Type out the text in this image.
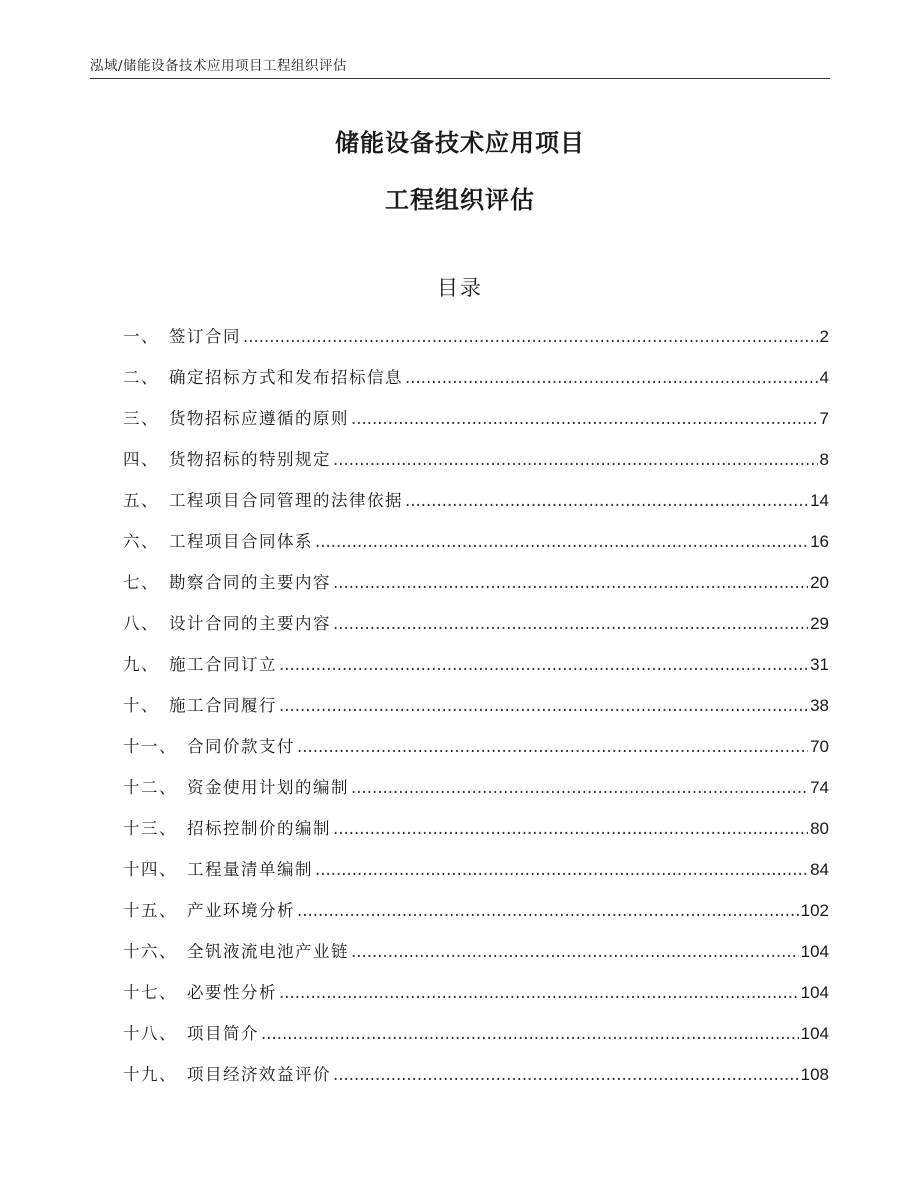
泓域/储能设备技术应用项目工程组织评估
储能设备技术应用项目
工程组织评估
目录
一 、 签订合同 .....	2
二 、 确定招标方式和发布招标信息 .....	4
三 、 货物招标应遵循的原则 .....	7
四 、 货物招标的特别规定 .....	8
五 、 工程项目合同管理的法律依据 .....	14
六 、 工程项目合同体系 .....	16
七 、 勘察合同的主要内容 .....	20
八 、 设计合同的主要内容 .....	29
九 、 施工合同订立 .....	31
十 、 施工合同履行 .....	38
十一 、 合同价款支付 .....	70
十二 、 资金使用计划的编制 .....	74
十三 、 招标控制价的编制 .....	80
十四 、 工程量清单编制 .....	84
十五 、 产业环境分析 .....	102
十六 、 全钒液流电池产业链 .....	104
十七 、 必要性分析 .....	104
十八 、 项目简介 .....	104
十九 、 项目经济效益评价 .....	108
